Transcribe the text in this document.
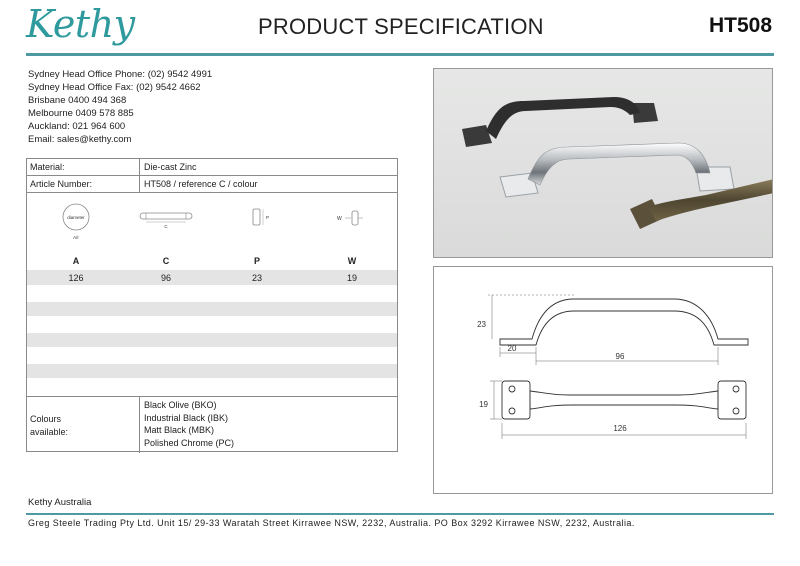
Kethy	PRODUCT SPECIFICATION	HT508
Sydney Head Office Phone: (02) 9542 4991
Sydney Head Office Fax: (02) 9542 4662
Brisbane 0400 494 368
Melbourne 0409 578 885
Auckland: 021 964 600
Email: sales@kethy.com
Material:	Die-cast Zinc
Article Number:	HT508 / reference C / colour
diameter
A/r
C
P	W
A	C	P	W
126	96	23	19
Colours
available:
Black Olive (BKO)
Industrial Black (IBK)
Matt Black (MBK)
Polished Chrome (PC)
23
20
96
19
126
Kethy Australia
Greg Steele Trading Pty Ltd. Unit 15/ 29-33 Waratah Street Kirrawee NSW, 2232, Australia. PO Box 3292 Kirrawee NSW, 2232, Australia.
